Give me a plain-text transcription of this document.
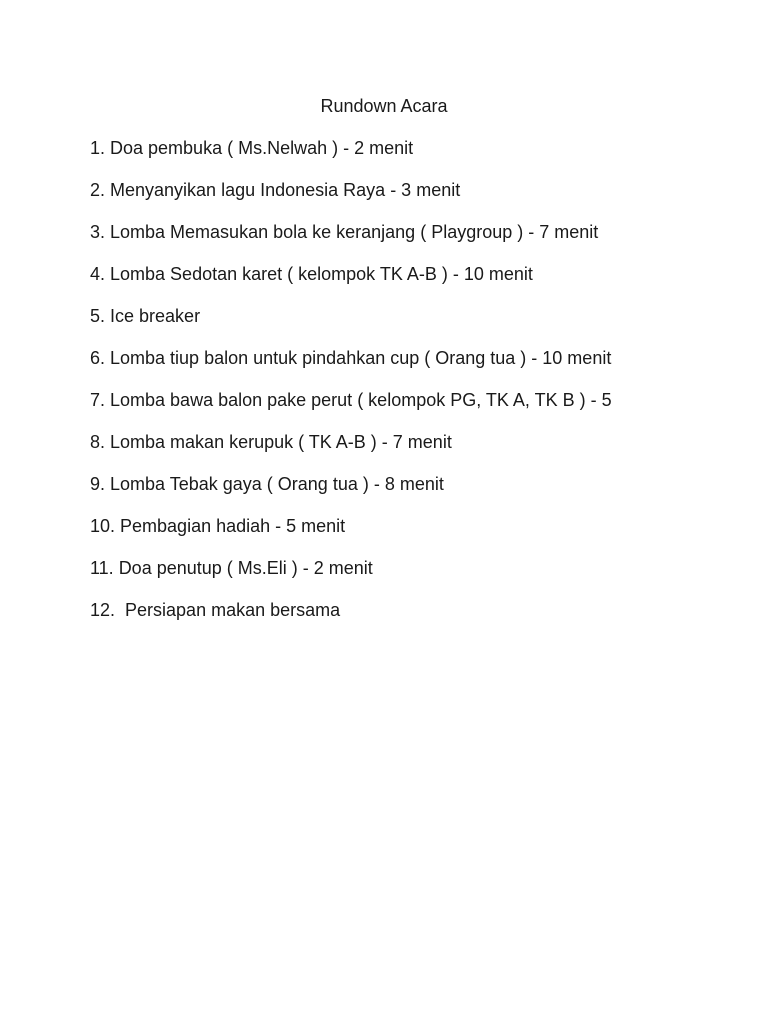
Rundown Acara
1. Doa pembuka ( Ms.Nelwah ) - 2 menit
2. Menyanyikan lagu Indonesia Raya - 3 menit
3. Lomba Memasukan bola ke keranjang ( Playgroup ) - 7 menit
4. Lomba Sedotan karet ( kelompok TK A-B ) - 10 menit
5. Ice breaker
6. Lomba tiup balon untuk pindahkan cup ( Orang tua ) - 10 menit
7. Lomba bawa balon pake perut ( kelompok PG, TK A, TK B ) - 5
8. Lomba makan kerupuk ( TK A-B ) - 7 menit
9. Lomba Tebak gaya ( Orang tua ) - 8 menit
10. Pembagian hadiah - 5 menit
11. Doa penutup ( Ms.Eli ) - 2 menit
12.  Persiapan makan bersama
